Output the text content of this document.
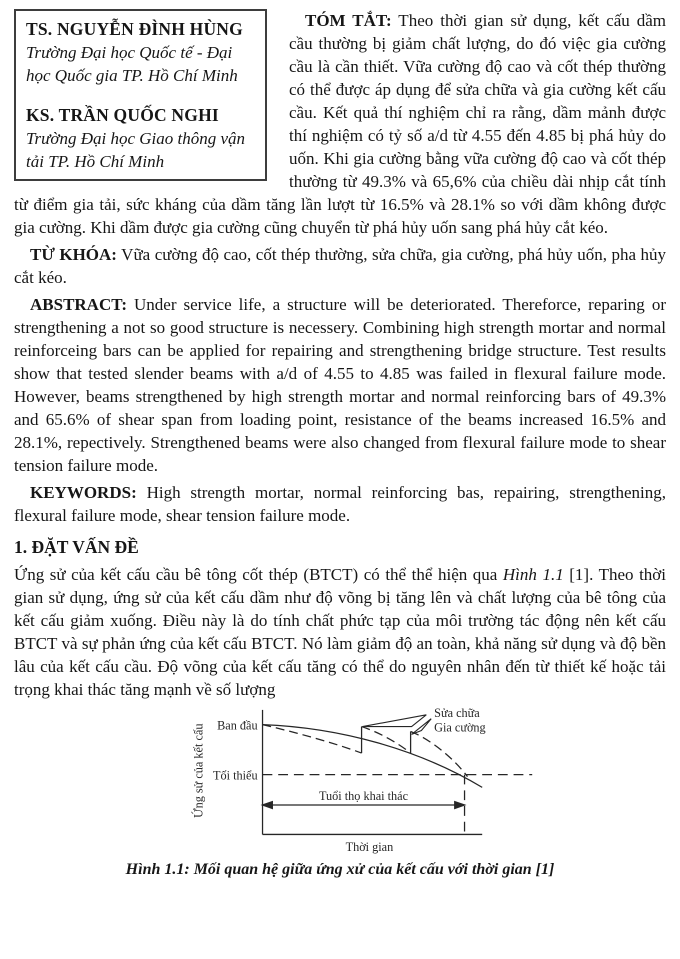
TS. NGUYỄN ĐÌNH HÙNG
Trường Đại học Quốc tế - Đại học Quốc gia TP. Hồ Chí Minh
KS. TRẦN QUỐC NGHI
Trường Đại học Giao thông vận tải TP. Hồ Chí Minh

TÓM TẮT: Theo thời gian sử dụng, kết cấu dầm cầu thường bị giảm chất lượng, do đó việc gia cường cầu là cần thiết. Vữa cường độ cao và cốt thép thường có thể được áp dụng để sửa chữa và gia cường kết cấu cầu. Kết quả thí nghiệm chỉ ra rằng, dầm mảnh được thí nghiệm có tỷ số a/d từ 4.55 đến 4.85 bị phá hủy do uốn. Khi gia cường bằng vữa cường độ cao và cốt thép thường từ 49.3% và 65,6% của chiều dài nhịp cắt tính từ điểm gia tải, sức kháng của dầm tăng lần lượt từ 16.5% và 28.1% so với dầm không được gia cường. Khi dầm được gia cường cũng chuyển từ phá hủy uốn sang phá hủy cắt kéo.

TỪ KHÓA: Vữa cường độ cao, cốt thép thường, sửa chữa, gia cường, phá hủy uốn, pha hủy cắt kéo.

ABSTRACT: Under service life, a structure will be deteriorated. Thereforce, reparing or strengthening a not so good structure is necessery. Combining high strength mortar and normal reinforceing bars can be applied for repairing and strengthening bridge structure. Test results show that tested slender beams with a/d of 4.55 to 4.85 was failed in flexural failure mode. However, beams strengthened by high strength mortar and normal reinforcing bars of 49.3% and 65.6% of shear span from loading point, resistance of the beams increased 16.5% and 28.1%, repectively. Strengthened beams were also changed from flexural failure mode to shear tension failure mode.

KEYWORDS: High strength mortar, normal reinforcing bas, repairing, strengthening, flexural failure mode, shear tension failure mode.

1. ĐẶT VẤN ĐỀ

Ứng sử của kết cấu cầu bê tông cốt thép (BTCT) có thể thể hiện qua Hình 1.1 [1]. Theo thời gian sử dụng, ứng sử của kết cấu dầm như độ võng bị tăng lên và chất lượng của bê tông của kết cấu giảm xuống. Điều này là do tính chất phức tạp của môi trường tác động nên kết cấu BTCT và sự phản ứng của kết cấu BTCT. Nó làm giảm độ an toàn, khả năng sử dụng và độ bền lâu của kết cấu cầu. Độ võng của kết cấu tăng có thể do nguyên nhân đến từ thiết kế hoặc tải trọng khai thác tăng mạnh về số lượng

Ban đầu
Tối thiểu
Tuổi thọ khai thác
Thời gian
Sửa chữa
Gia cường
Ứng sử của kết cấu
Hình 1.1: Mối quan hệ giữa ứng xử của kết cấu với thời gian [1]
